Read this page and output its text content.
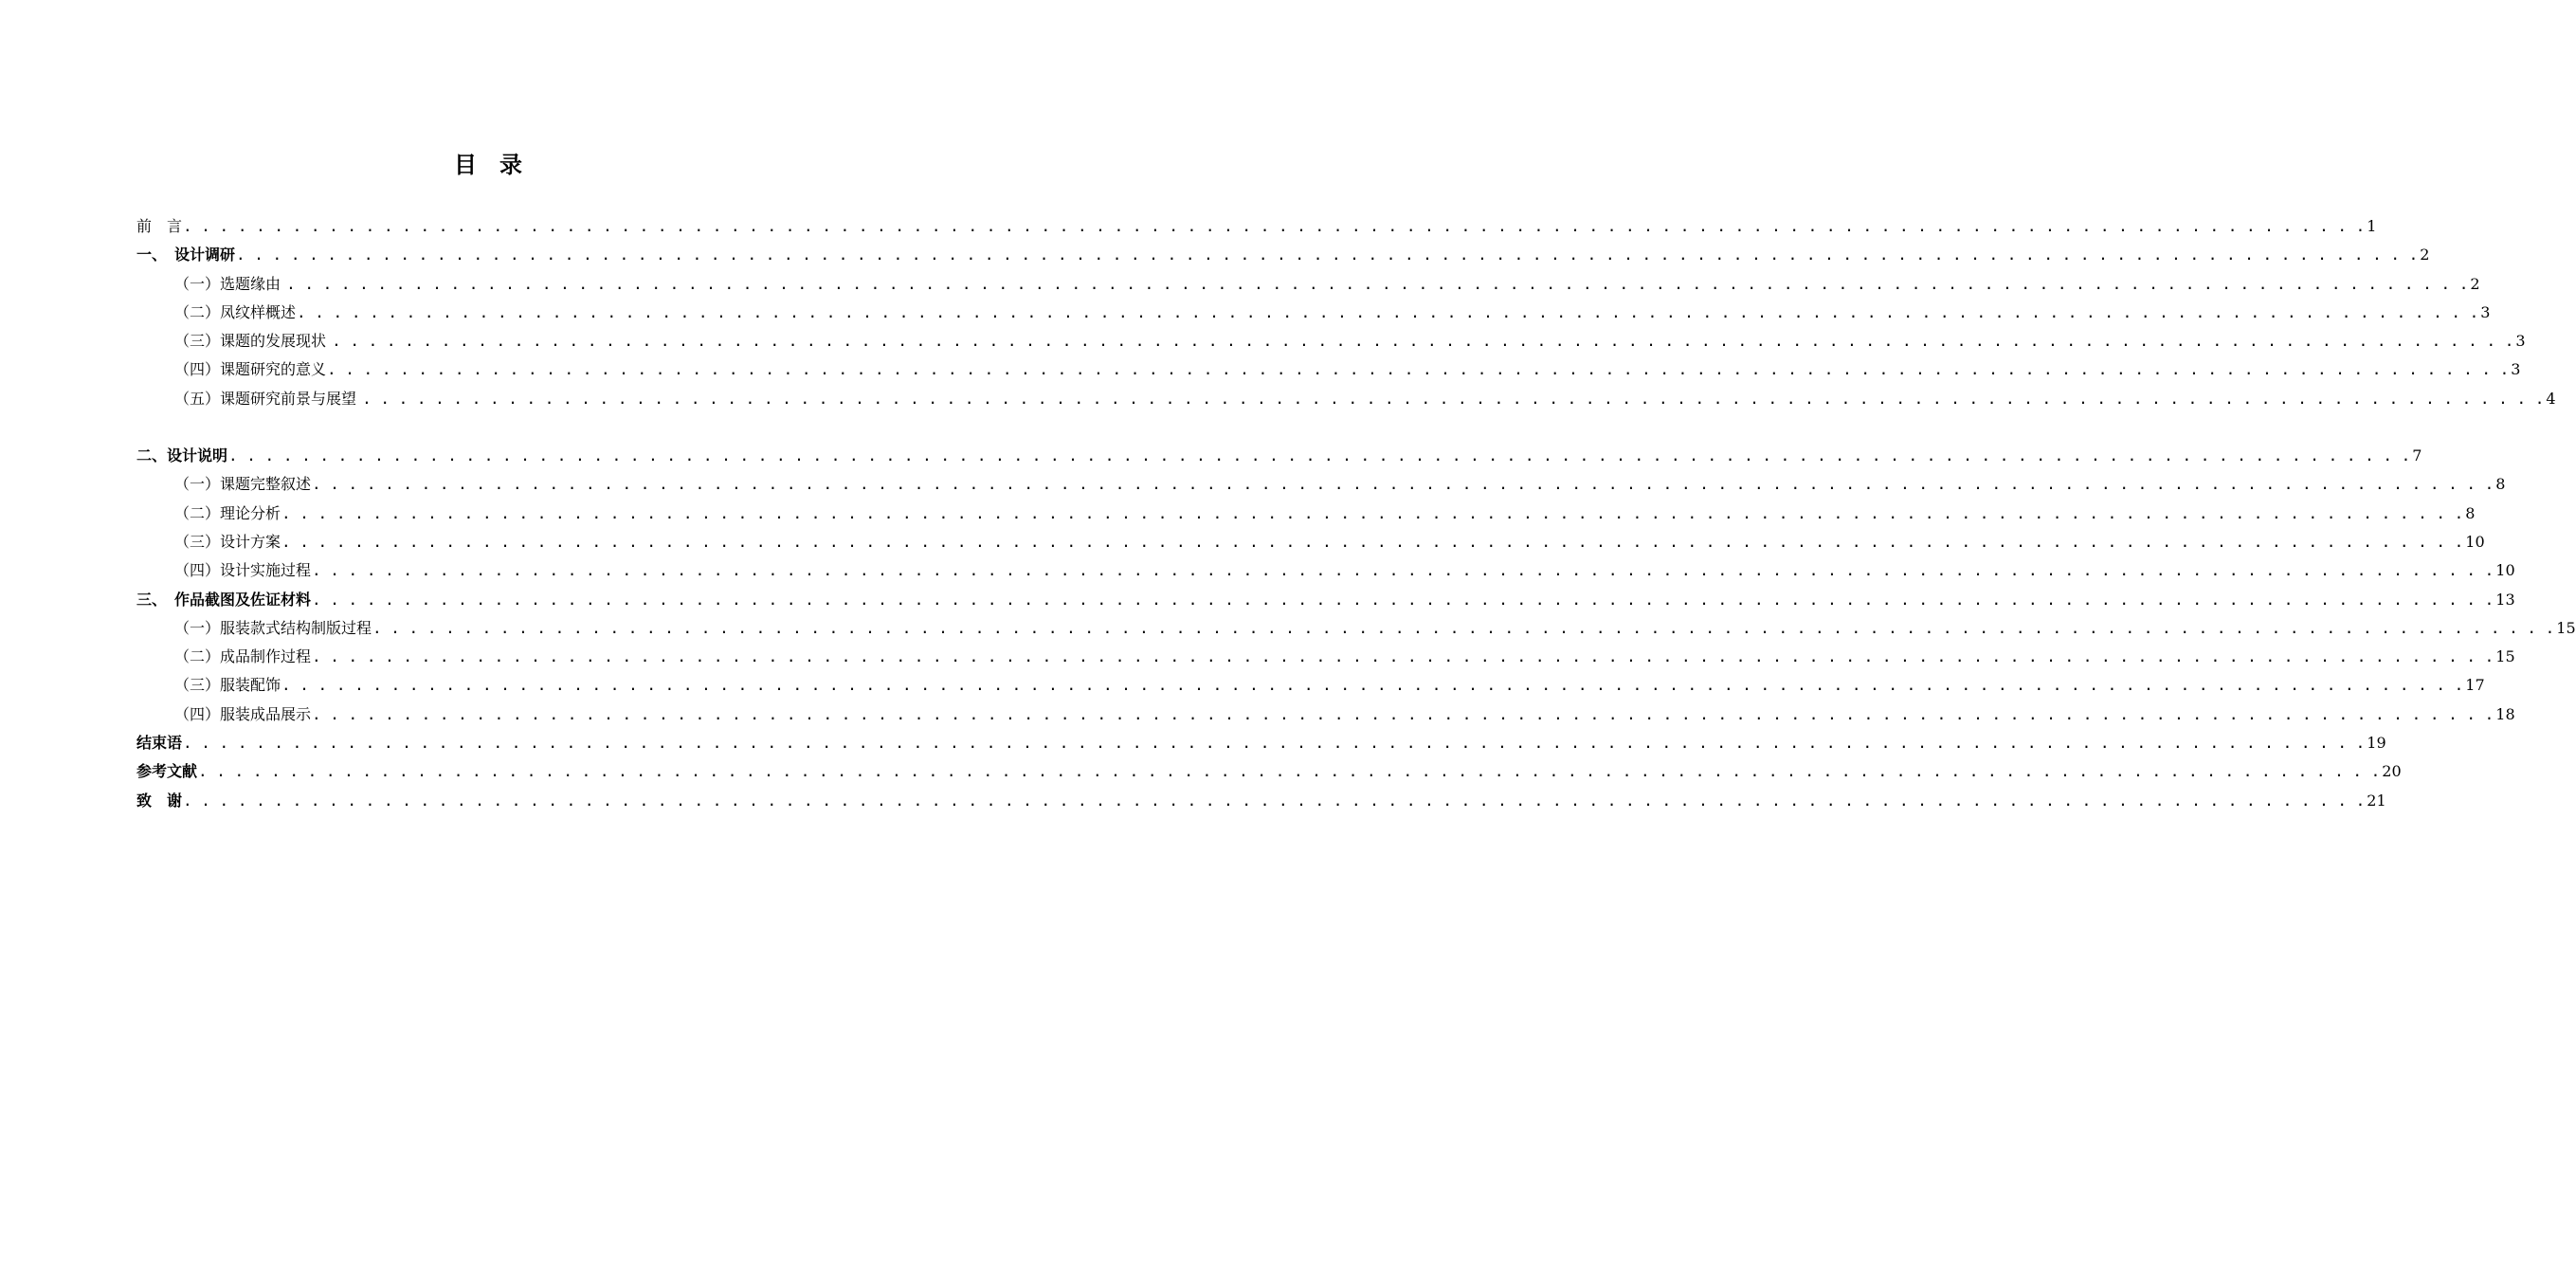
目　录
前　言 . . . . . . . . . . . . . . . . . . . . . . . . . . . . . . . . . . . . . . . . . . . . . . . . . . . . . . . . . . . . . . . . . . . . . . . . . . . . . . . . . . . . . . . . . . . . . . . . . . . . . . . . . . . . . . . . . . . . . . . . 1
一、　设计调研 . . . . . . . . . . . . . . . . . . . . . . . . . . . . . . . . . . . . . . . . . . . . . . . . . . . . . . . . . . . . . . . . . . . . . . . . . . . . . . . . . . . . . . . . . . . . . . . . . . . . . . . . . . . . . . . . . . . . . . . . 2
（一）选题缘由 . . . . . . . . . . . . . . . . . . . . . . . . . . . . . . . . . . . . . . . . . . . . . . . . . . . . . . . . . . . . . . . . . . . . . . . . . . . . . . . . . . . . . . . . . . . . . . . . . . . . . . . . . . . . . . . . . . . . . . . . 2
（二）凤纹样概述 . . . . . . . . . . . . . . . . . . . . . . . . . . . . . . . . . . . . . . . . . . . . . . . . . . . . . . . . . . . . . . . . . . . . . . . . . . . . . . . . . . . . . . . . . . . . . . . . . . . . . . . . . . . . . . . . . . . . . . . . 3
（三）课题的发展现状 . . . . . . . . . . . . . . . . . . . . . . . . . . . . . . . . . . . . . . . . . . . . . . . . . . . . . . . . . . . . . . . . . . . . . . . . . . . . . . . . . . . . . . . . . . . . . . . . . . . . . . . . . . . . . . . . . . . . . . . . 3
（四）课题研究的意义 . . . . . . . . . . . . . . . . . . . . . . . . . . . . . . . . . . . . . . . . . . . . . . . . . . . . . . . . . . . . . . . . . . . . . . . . . . . . . . . . . . . . . . . . . . . . . . . . . . . . . . . . . . . . . . . . . . . . . . . . 3
（五）课题研究前景与展望 . . . . . . . . . . . . . . . . . . . . . . . . . . . . . . . . . . . . . . . . . . . . . . . . . . . . . . . . . . . . . . . . . . . . . . . . . . . . . . . . . . . . . . . . . . . . . . . . . . . . . . . . . . . . . . . . . . . . . . . . 4
二、设计说明 . . . . . . . . . . . . . . . . . . . . . . . . . . . . . . . . . . . . . . . . . . . . . . . . . . . . . . . . . . . . . . . . . . . . . . . . . . . . . . . . . . . . . . . . . . . . . . . . . . . . . . . . . . . . . . . . . . . . . . . . 7
（一）课题完整叙述 . . . . . . . . . . . . . . . . . . . . . . . . . . . . . . . . . . . . . . . . . . . . . . . . . . . . . . . . . . . . . . . . . . . . . . . . . . . . . . . . . . . . . . . . . . . . . . . . . . . . . . . . . . . . . . . . . . . . . . . . 8
（二）理论分析 . . . . . . . . . . . . . . . . . . . . . . . . . . . . . . . . . . . . . . . . . . . . . . . . . . . . . . . . . . . . . . . . . . . . . . . . . . . . . . . . . . . . . . . . . . . . . . . . . . . . . . . . . . . . . . . . . . . . . . . . 8
（三）设计方案 . . . . . . . . . . . . . . . . . . . . . . . . . . . . . . . . . . . . . . . . . . . . . . . . . . . . . . . . . . . . . . . . . . . . . . . . . . . . . . . . . . . . . . . . . . . . . . . . . . . . . . . . . . . . . . . . . . . . . . . . 10
（四）设计实施过程 . . . . . . . . . . . . . . . . . . . . . . . . . . . . . . . . . . . . . . . . . . . . . . . . . . . . . . . . . . . . . . . . . . . . . . . . . . . . . . . . . . . . . . . . . . . . . . . . . . . . . . . . . . . . . . . . . . . . . . . . 10
三、　作品截图及佐证材料 . . . . . . . . . . . . . . . . . . . . . . . . . . . . . . . . . . . . . . . . . . . . . . . . . . . . . . . . . . . . . . . . . . . . . . . . . . . . . . . . . . . . . . . . . . . . . . . . . . . . . . . . . . . . . . . . . . . . . . . . 13
（一）服装款式结构制版过程 . . . . . . . . . . . . . . . . . . . . . . . . . . . . . . . . . . . . . . . . . . . . . . . . . . . . . . . . . . . . . . . . . . . . . . . . . . . . . . . . . . . . . . . . . . . . . . . . . . . . . . . . . . . . . . . . . . . . . . . . 15
（二）成品制作过程 . . . . . . . . . . . . . . . . . . . . . . . . . . . . . . . . . . . . . . . . . . . . . . . . . . . . . . . . . . . . . . . . . . . . . . . . . . . . . . . . . . . . . . . . . . . . . . . . . . . . . . . . . . . . . . . . . . . . . . . . 15
（三）服装配饰 . . . . . . . . . . . . . . . . . . . . . . . . . . . . . . . . . . . . . . . . . . . . . . . . . . . . . . . . . . . . . . . . . . . . . . . . . . . . . . . . . . . . . . . . . . . . . . . . . . . . . . . . . . . . . . . . . . . . . . . . 17
（四）服装成品展示 . . . . . . . . . . . . . . . . . . . . . . . . . . . . . . . . . . . . . . . . . . . . . . . . . . . . . . . . . . . . . . . . . . . . . . . . . . . . . . . . . . . . . . . . . . . . . . . . . . . . . . . . . . . . . . . . . . . . . . . . 18
结束语 . . . . . . . . . . . . . . . . . . . . . . . . . . . . . . . . . . . . . . . . . . . . . . . . . . . . . . . . . . . . . . . . . . . . . . . . . . . . . . . . . . . . . . . . . . . . . . . . . . . . . . . . . . . . . . . . . . . . . . . . 19
参考文献 . . . . . . . . . . . . . . . . . . . . . . . . . . . . . . . . . . . . . . . . . . . . . . . . . . . . . . . . . . . . . . . . . . . . . . . . . . . . . . . . . . . . . . . . . . . . . . . . . . . . . . . . . . . . . . . . . . . . . . . . 20
致　谢 . . . . . . . . . . . . . . . . . . . . . . . . . . . . . . . . . . . . . . . . . . . . . . . . . . . . . . . . . . . . . . . . . . . . . . . . . . . . . . . . . . . . . . . . . . . . . . . . . . . . . . . . . . . . . . . . . . . . . . . . 21
